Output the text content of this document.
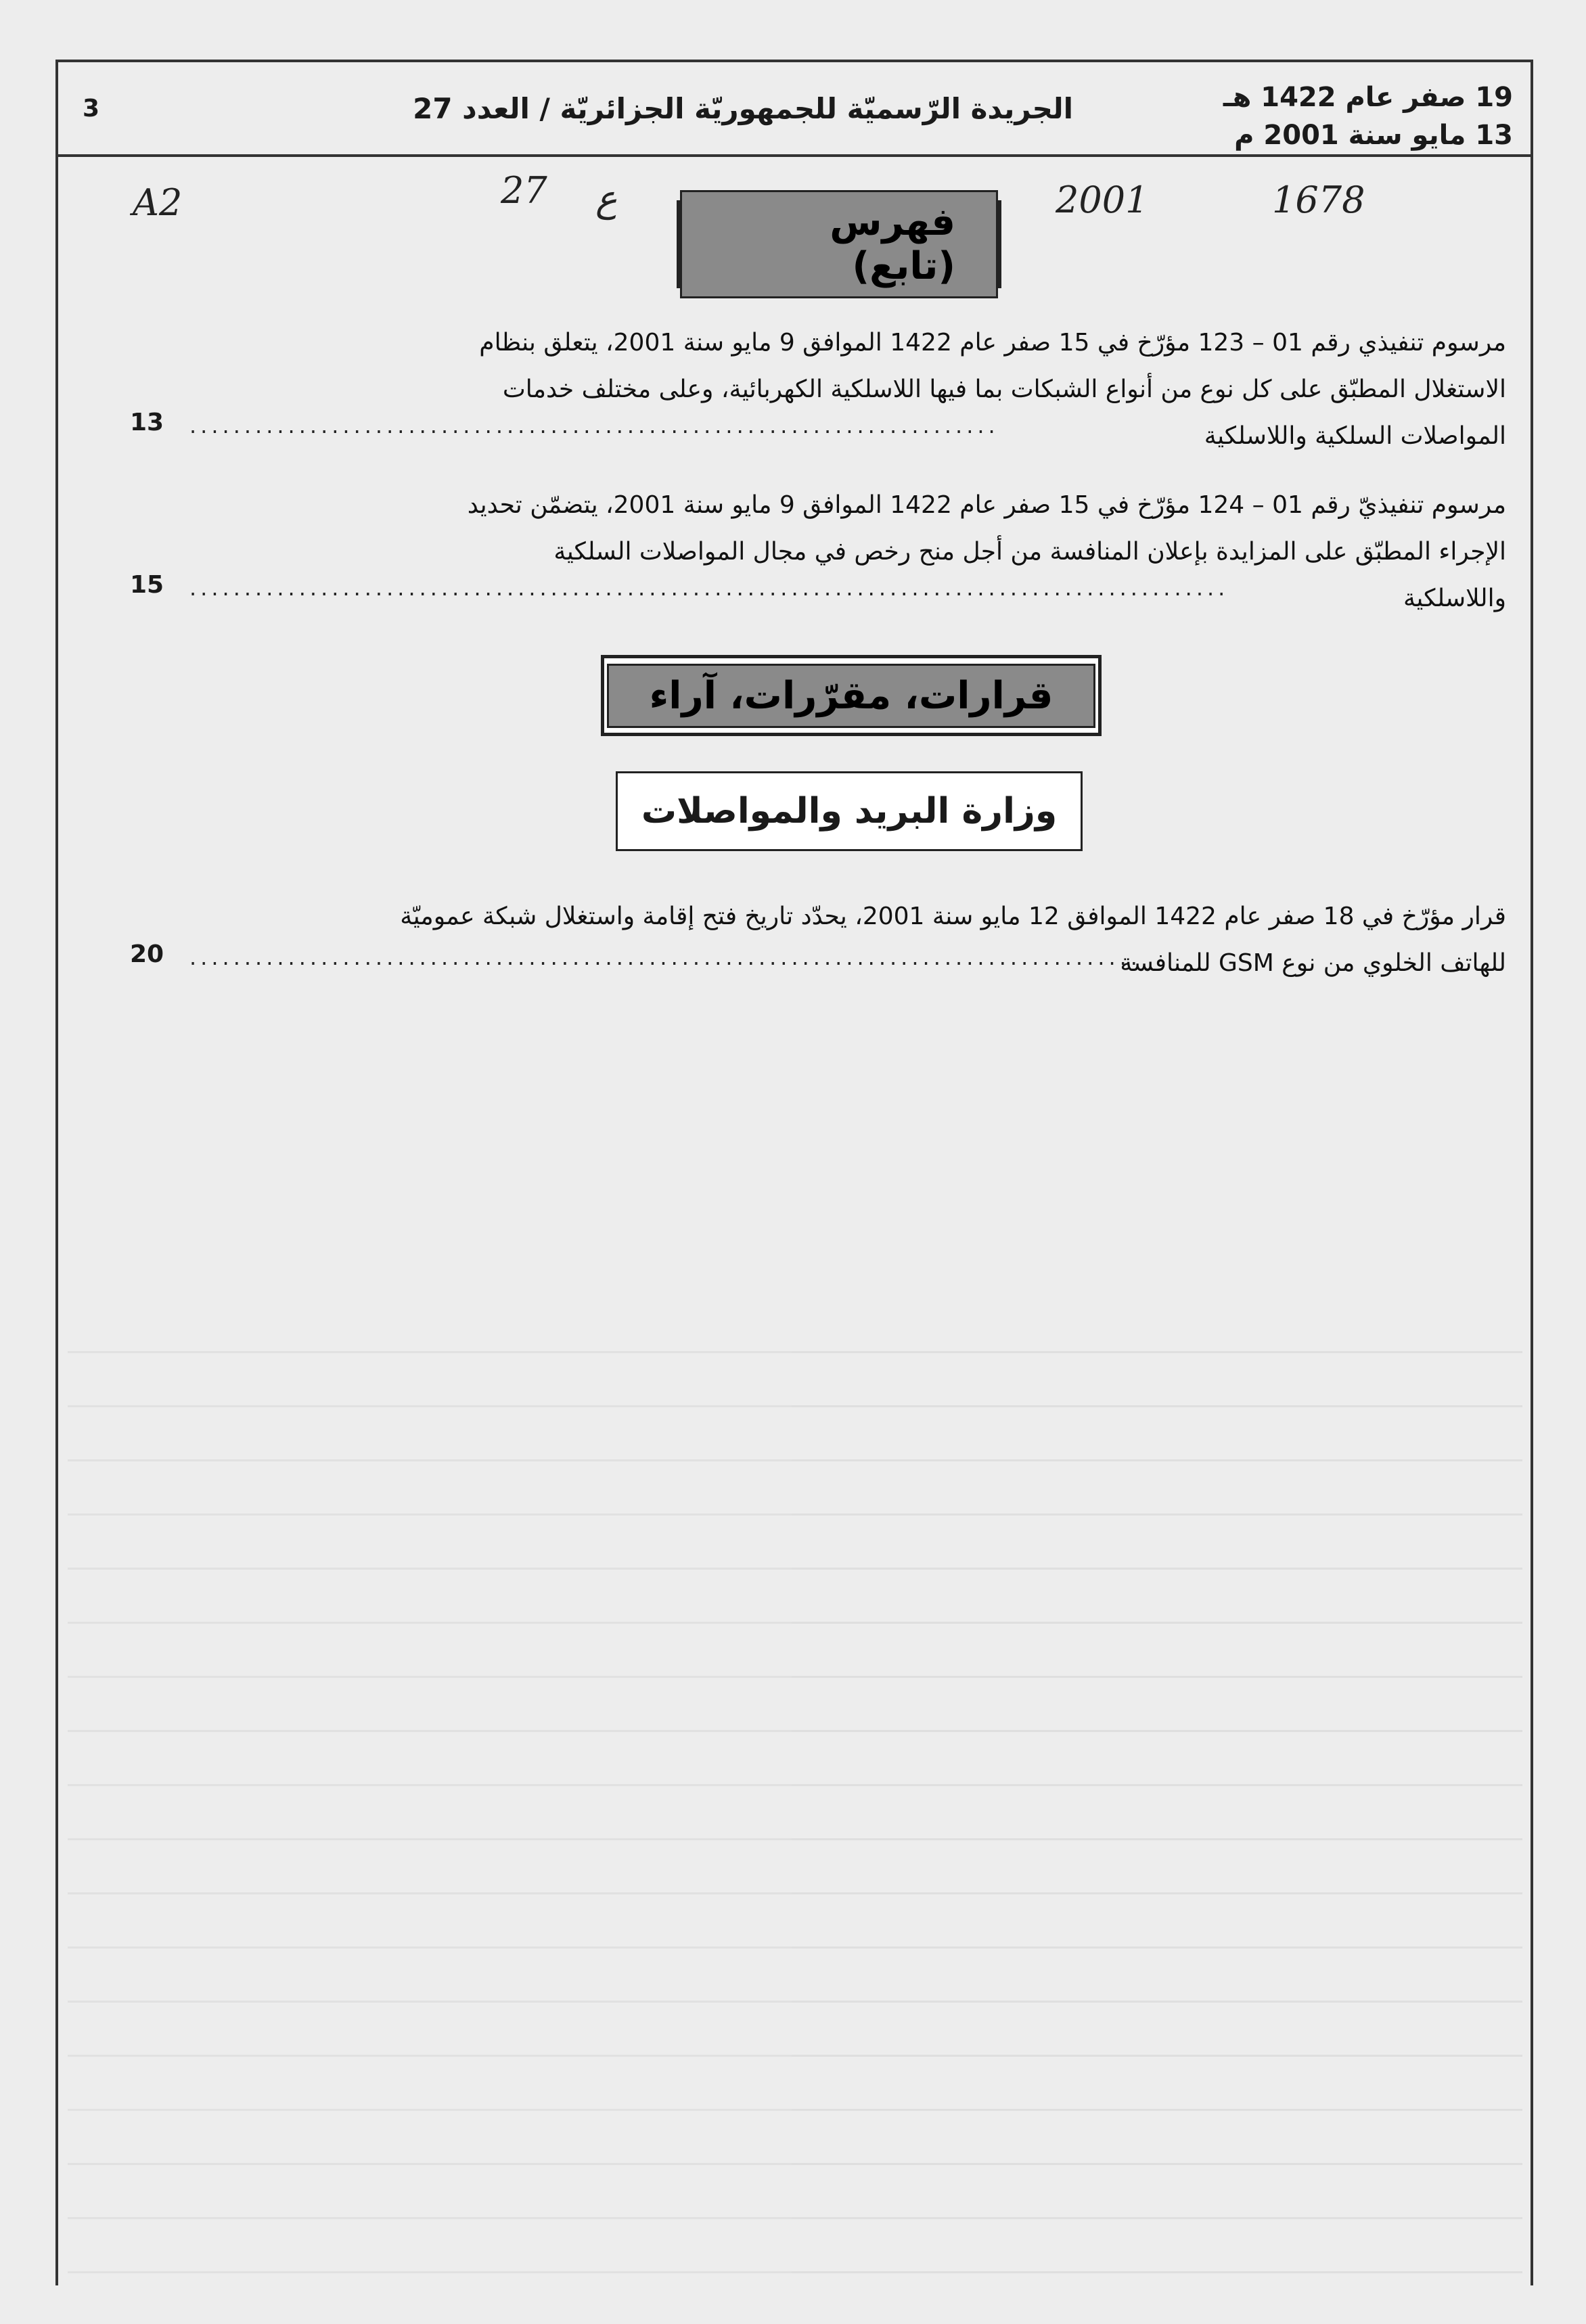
19 صفر عام 1422 هـ
13 مايو سنة 2001 م
الجريدة الرّسميّة للجمهوريّة الجزائريّة / العدد 27
3
A2	27 ع	2001	1678
فهرس (تابع)
مرسوم تنفيذي رقم 01 – 123 مؤرّخ في 15 صفر عام 1422 الموافق 9 مايو سنة 2001، يتعلق بنظام
الاستغلال المطبّق على كل نوع من أنواع الشبكات بما فيها اللاسلكية الكهربائية، وعلى مختلف خدمات
المواصلات السلكية واللاسلكية
..........................................................................
13
مرسوم تنفيذيّ رقم 01 – 124 مؤرّخ في 15 صفر عام 1422 الموافق 9 مايو سنة 2001، يتضمّن تحديد
الإجراء المطبّق على المزايدة بإعلان المنافسة من أجل منح رخص في مجال المواصلات السلكية
واللاسلكية
...............................................................................................
15
قرارات، مقرّرات، آراء
وزارة البريد والمواصلات
قرار مؤرّخ في 18 صفر عام 1422 الموافق 12 مايو سنة 2001، يحدّد تاريخ فتح إقامة واستغلال شبكة عموميّة
للهاتف الخلوي من نوع GSM للمنافسة
.......................................................................................
20
